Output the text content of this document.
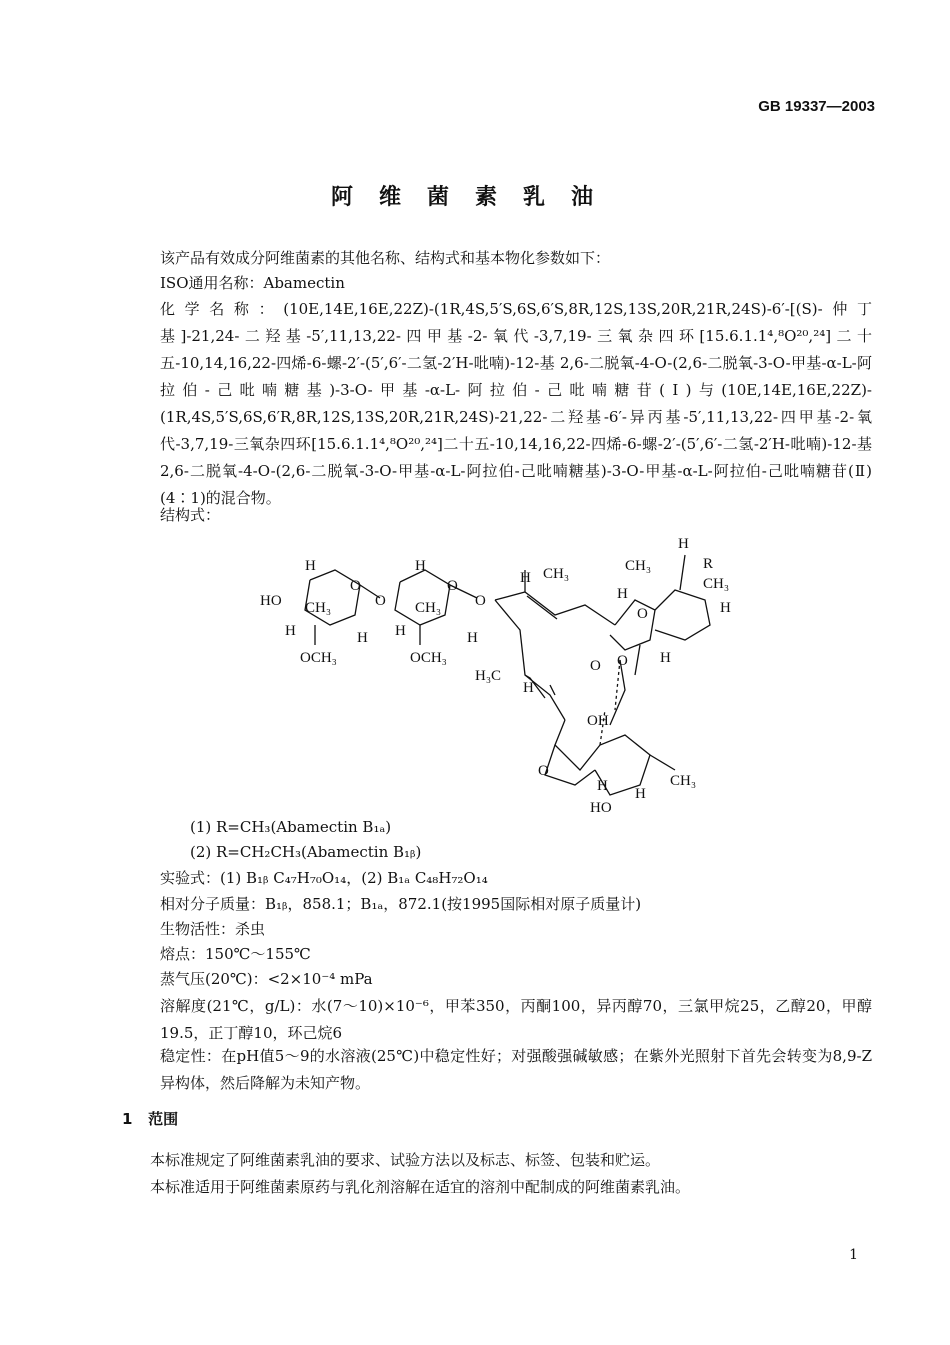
GB 19337—2003
阿维菌素乳油
该产品有效成分阿维菌素的其他名称、结构式和基本物化参数如下：
ISO通用名称：Abamectin
化学名称：(10E,14E,16E,22Z)-(1R,4S,5′S,6S,6′S,8R,12S,13S,20R,21R,24S)-6′-[(S)-仲丁基]-21,24-二羟基-5′,11,13,22-四甲基-2-氧代-3,7,19-三氧杂四环[15.6.1.1⁴,⁸O²⁰,²⁴]二十五-10,14,16,22-四烯-6-螺-2′-(5′,6′-二氢-2′H-吡喃)-12-基 2,6-二脱氧-4-O-(2,6-二脱氧-3-O-甲基-α-L-阿拉伯-己吡喃糖基)-3-O-甲基-α-L-阿拉伯-己吡喃糖苷(Ⅰ)与(10E,14E,16E,22Z)-(1R,4S,5′S,6S,6′R,8R,12S,13S,20R,21R,24S)-21,22-二羟基-6′-异丙基-5′,11,13,22-四甲基-2-氧代-3,7,19-三氧杂四环[15.6.1.1⁴,⁸O²⁰,²⁴]二十五-10,14,16,22-四烯-6-螺-2′-(5′,6′-二氢-2′H-吡喃)-12-基 2,6-二脱氧-4-O-(2,6-二脱氧-3-O-甲基-α-L-阿拉伯-己吡喃糖基)-3-O-甲基-α-L-阿拉伯-己吡喃糖苷(Ⅱ)(4∶1)的混合物。
结构式：
H
HO CH₃
O
H	H
OCH₃
O
H
CH₃
O
H	H
OCH₃
O
H CH₃	CH₃
H
R
CH₃
H
O	H
H₃C
H
H
O O
OH
O
CH₃
H H
HO
(1) R=CH₃(Abamectin B₁ₐ)
(2) R=CH₂CH₃(Abamectin B₁ᵦ)
实验式：(1) B₁ᵦ C₄₇H₇₀O₁₄，(2) B₁ₐ C₄₈H₇₂O₁₄
相对分子质量：B₁ᵦ，858.1；B₁ₐ，872.1(按1995国际相对原子质量计)
生物活性：杀虫
熔点：150℃～155℃
蒸气压(20℃)：<2×10⁻⁴ mPa
溶解度(21℃，g/L)：水(7～10)×10⁻⁶，甲苯350，丙酮100，异丙醇70，三氯甲烷25，乙醇20，甲醇19.5，正丁醇10，环己烷6
稳定性：在pH值5～9的水溶液(25℃)中稳定性好；对强酸强碱敏感；在紫外光照射下首先会转变为8,9-Z异构体，然后降解为未知产物。
1 范围
本标准规定了阿维菌素乳油的要求、试验方法以及标志、标签、包装和贮运。
本标准适用于阿维菌素原药与乳化剂溶解在适宜的溶剂中配制成的阿维菌素乳油。
1
